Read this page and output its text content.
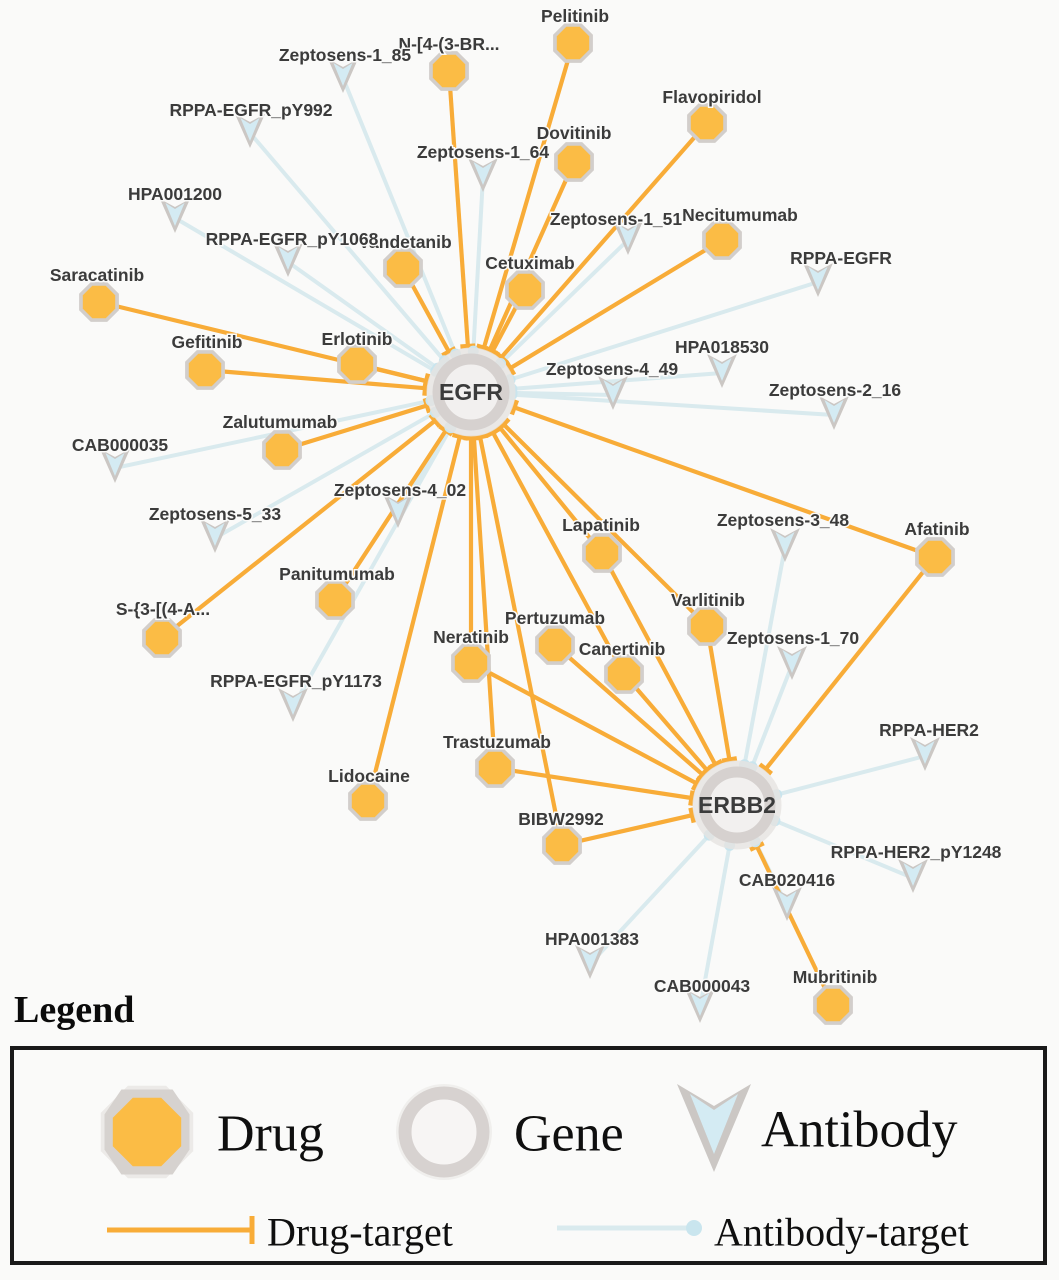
EGFR
ERBB2
Pelitinib
N-[4-(3-BR...
Flavopiridol
Dovitinib
Vandetanib
Cetuximab
Necitumumab
Saracatinib
Gefitinib	Erlotinib
Zalutumumab
Panitumumab
S-{3-[(4-A...
Lapatinib	Afatinib
Varlitinib
Pertuzumab
Neratinib
Canertinib
Trastuzumab
Lidocaine
BIBW2992
Mubritinib
Zeptosens-1_85
RPPA-EGFR_pY992
HPA001200
RPPA-EGFR_pY1068
Zeptosens-1_64
Zeptosens-1_51
RPPA-EGFR
Zeptosens-4_49
HPA018530
Zeptosens-2_16
CAB000035
Zeptosens-5_33
Zeptosens-4_02
RPPA-EGFR_pY1173
Zeptosens-3_48
Zeptosens-1_70
RPPA-HER2
RPPA-HER2_pY1248
CAB020416
HPA001383
CAB000043
Legend
Drug	Gene	Antibody
Drug-target	Antibody-target
